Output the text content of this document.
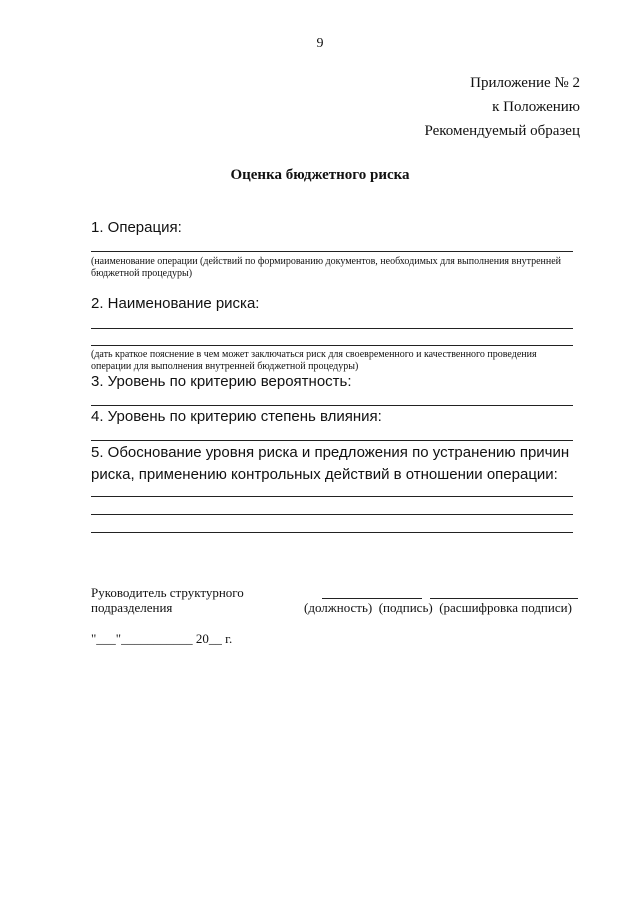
9
Приложение № 2
к Положению
Рекомендуемый образец
Оценка бюджетного риска
1. Операция:
(наименование операции (действий по формированию документов, необходимых для выполнения внутренней бюджетной процедуры)
2. Наименование риска:
(дать краткое пояснение в чем может заключаться риск для своевременного и качественного проведения операции для выполнения внутренней бюджетной процедуры)
3. Уровень по критерию вероятность:
4. Уровень по критерию степень влияния:
5. Обоснование уровня риска и предложения по устранению причин
риска, применению контрольных действий в отношении операции:
Руководитель структурного
подразделения	(должность)  (подпись)  (расшифровка подписи)
"___"___________ 20__ г.
